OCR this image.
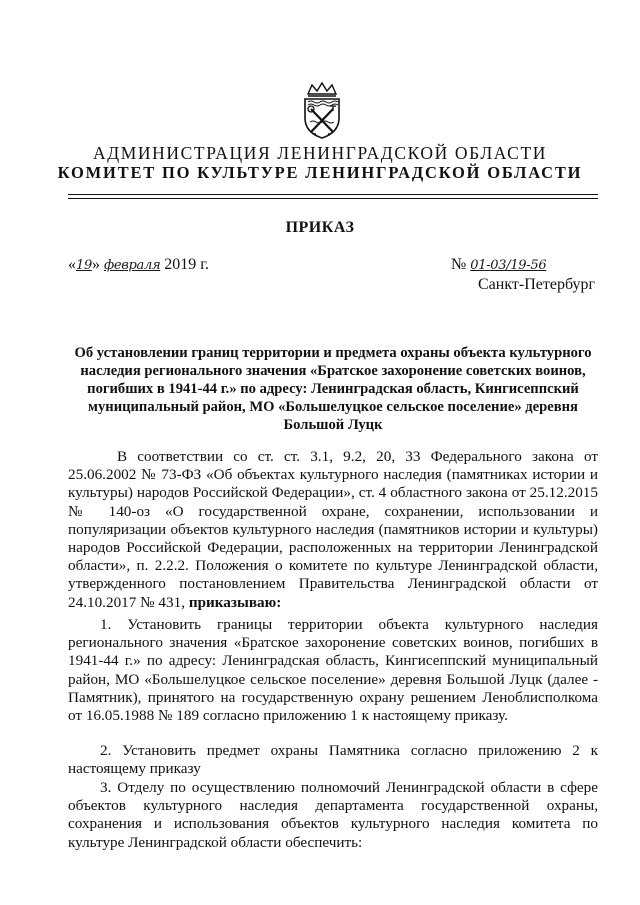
АДМИНИСТРАЦИЯ ЛЕНИНГРАДСКОЙ ОБЛАСТИ
КОМИТЕТ ПО КУЛЬТУРЕ ЛЕНИНГРАДСКОЙ ОБЛАСТИ
ПРИКАЗ
«19» февраля 2019 г.	№ 01-03/19-56
Санкт-Петербург
Об установлении границ территории и предмета охраны объекта культурного наследия регионального значения «Братское захоронение советских воинов, погибших в 1941-44 г.» по адресу: Ленинградская область, Кингисеппский муниципальный район, МО «Большелуцкое сельское поселение» деревня Большой Луцк
В соответствии со ст. ст. 3.1, 9.2, 20, 33 Федерального закона от 25.06.2002 № 73-ФЗ «Об объектах культурного наследия (памятниках истории и культуры) народов Российской Федерации», ст. 4 областного закона от 25.12.2015 № 140-оз «О государственной охране, сохранении, использовании и популяризации объектов культурного наследия (памятников истории и культуры) народов Российской Федерации, расположенных на территории Ленинградской области», п. 2.2.2. Положения о комитете по культуре Ленинградской области, утвержденного постановлением Правительства Ленинградской области от 24.10.2017 № 431, приказываю:
1. Установить границы территории объекта культурного наследия регионального значения «Братское захоронение советских воинов, погибших в 1941-44 г.» по адресу: Ленинградская область, Кингисеппский муниципальный район, МО «Большелуцкое сельское поселение» деревня Большой Луцк (далее - Памятник), принятого на государственную охрану решением Леноблисполкома от 16.05.1988 № 189 согласно приложению 1 к настоящему приказу.
2. Установить предмет охраны Памятника согласно приложению 2 к настоящему приказу
3. Отделу по осуществлению полномочий Ленинградской области в сфере объектов культурного наследия департамента государственной охраны, сохранения и использования объектов культурного наследия комитета по культуре Ленинградской области обеспечить:
